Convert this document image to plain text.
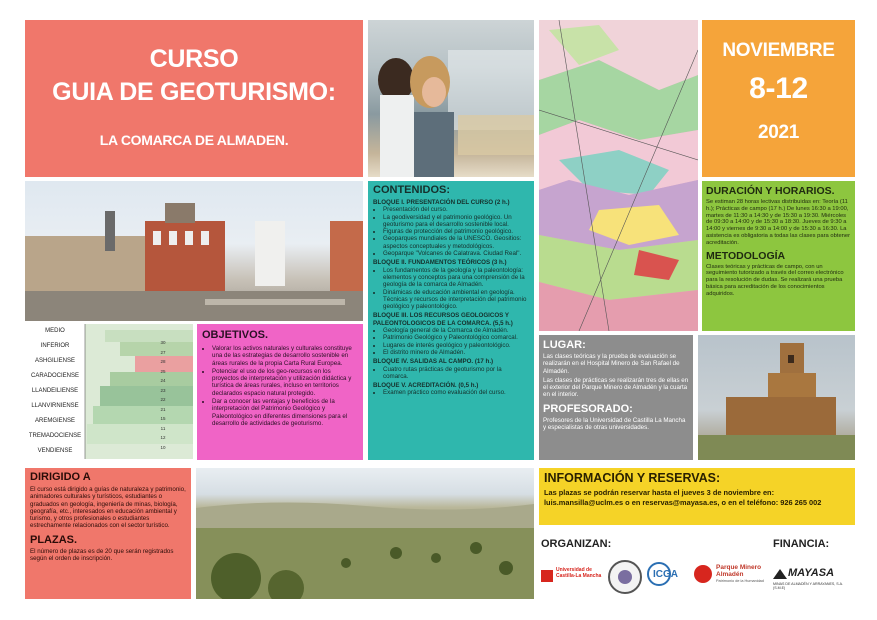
CURSO
GUIA DE GEOTURISMO:
LA COMARCA DE ALMADEN.
NOVIEMBRE
8-12
2021
CONTENIDOS:
BLOQUE I. PRESENTACIÓN DEL CURSO (2 h.)
• Presentación del curso.
• La geodiversidad y el patrimonio geológico. Un geoturismo para el desarrollo sostenible local.
• Figuras de protección del patrimonio geológico.
• Geoparques mundiales de la UNESCO. Geositios: aspectos conceptuales y metodológicos.
• Geoparque "Volcanes de Calatrava. Ciudad Real".
BLOQUE II. FUNDAMENTOS TEÓRICOS (3 h.)
• Los fundamentos de la geología y la paleontología: elementos y conceptos para una comprensión de la geología de la comarca de Almadén.
• Dinámicas de educación ambiental en geología. Técnicas y recursos de interpretación del patrimonio geológico y paleontológico.
BLOQUE III. LOS RECURSOS GEOLOGICOS Y PALEONTOLOGICOS DE LA COMARCA. (5,5 h.)
• Geología general de la Comarca de Almadén.
• Patrimonio Geológico y Paleontológico comarcal.
• Lugares de interés geológico y paleontológico.
• El distrito minero de Almadén.
BLOQUE IV. SALIDAS AL CAMPO. (17 h.)
• Cuatro rutas prácticas de geoturismo por la comarca.
BLOQUE V. ACREDITACIÓN. (0,5 h.)
• Examen práctico como evaluación del curso.
DURACIÓN Y HORARIOS.
Se estiman 28 horas lectivas distribuidas en: Teoría (11 h.); Prácticas de campo (17 h.) De lunes 16:30 a 19:00, martes de 11:30 a 14:30 y de 15:30 a 19:30. Miércoles de 09:30 a 14:00 y de 15:30 a 18:30. Jueves de 9:30 a 14:00 y viernes de 9:30 a 14:00 y de 15:30 a 16:30. La asistencia es obligatoria a todas las clases para obtener acreditación.
METODOLOGÍA
Clases teóricas y prácticas de campo, con un seguimiento tutorizado a través del correo electrónico para la resolución de dudas. Se realizará una prueba básica para acreditación de los conocimientos adquiridos.
MEDIO
INFERIOR
ASHGILIENSE
CARADOCIENSE
LLANDEILIENSE
LLANVIRNIENSE
AREMGIENSE
TREMADOCIENSE
VENDIENSE
30
27
28
25
24
23
22
21
15
11
12
10
OBJETIVOS.
• Valorar los activos naturales y culturales constituye una de las estrategias de desarrollo sostenible en áreas rurales de la propia Carta Rural Europea.
• Potenciar el uso de los geo-recursos en los proyectos de interpretación y utilización didáctica y turística de áreas rurales, incluso en territorios declarados espacio natural protegido.
• Dar a conocer las ventajas y beneficios de la interpretación del Patrimonio Geológico y Paleontológico en diferentes dimensiones para el desarrollo de actividades de geoturismo.
LUGAR:
Las clases teóricas y la prueba de evaluación se realizarán en el Hospital Minero de San Rafael de Almadén.
Las clases de prácticas se realizarán tres de ellas en el exterior del Parque Minero de Almadén y la cuarta en el interior.
PROFESORADO:
Profesores de la Universidad de Castilla La Mancha y especialistas de otras universidades.
DIRIGIDO A
El curso está dirigido a guías de naturaleza y patrimonio, animadores culturales y turísticos, estudiantes o graduados en geología, ingeniería de minas, biología, geografía, etc., interesados en educación ambiental y turismo, y otros profesionales o estudiantes estrechamente relacionados con el sector turístico.
PLAZAS.
El número de plazas es de 20 que serán registrados según el orden de inscripción.
INFORMACIÓN Y RESERVAS:
Las plazas se podrán reservar hasta el jueves 3 de noviembre en:
luis.mansilla@uclm.es o en reservas@mayasa.es, o en el teléfono: 926 265 002
ORGANIZAN:	FINANCIA:
Universidad de Castilla-La Mancha	ICGA
Parque Minero
Almadén
Patrimonio de la Humanidad
MAYASA
MINAS DE ALMADÉN Y ARRAYANES, S.A. (S.M.E)
